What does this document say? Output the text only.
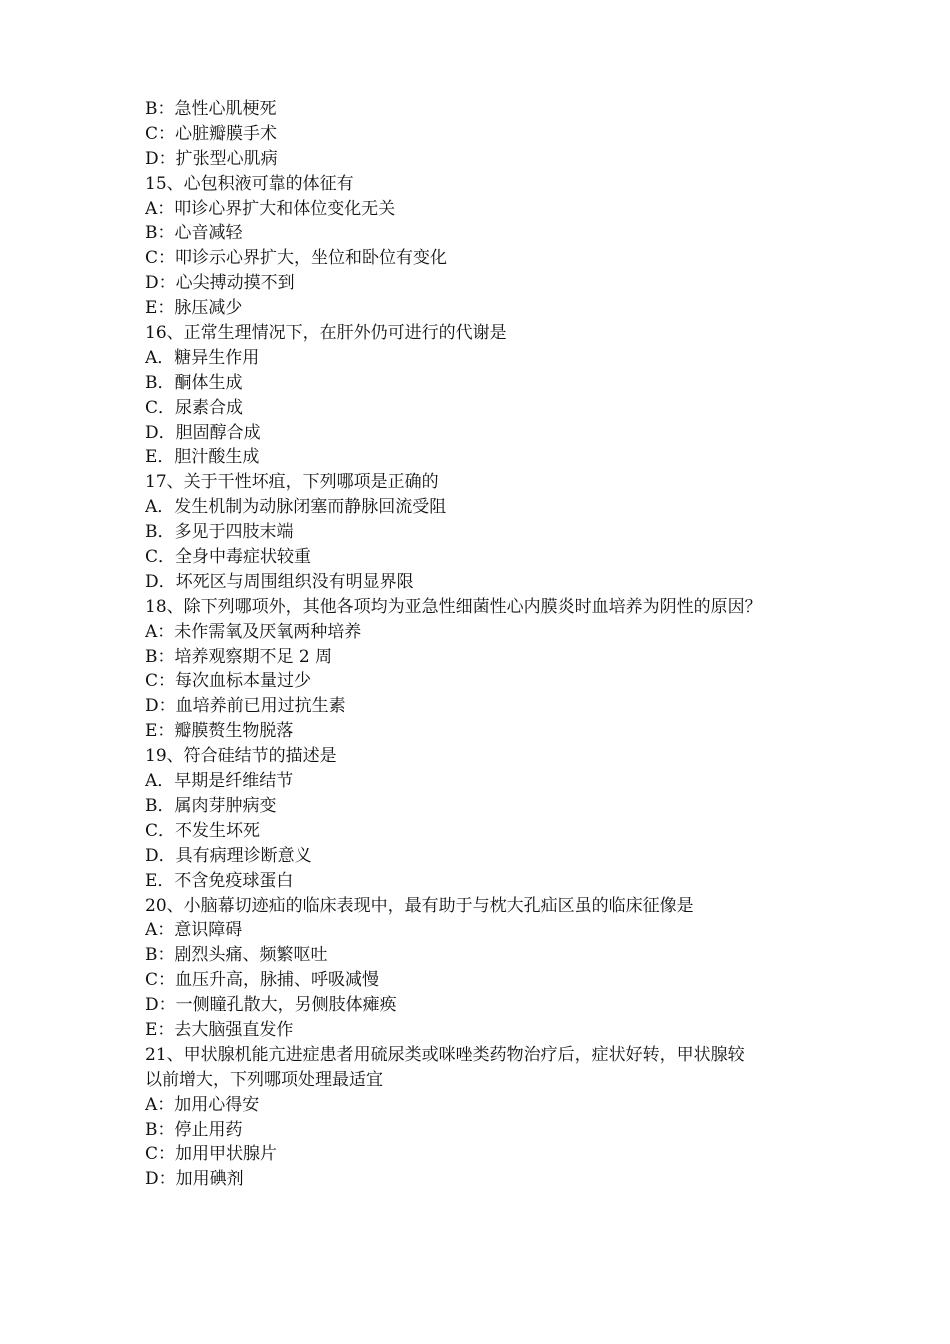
B：急性心肌梗死
C：心脏瓣膜手术
D：扩张型心肌病
15、心包积液可靠的体征有
A：叩诊心界扩大和体位变化无关
B：心音减轻
C：叩诊示心界扩大，坐位和卧位有变化
D：心尖搏动摸不到
E：脉压减少
16、正常生理情况下，在肝外仍可进行的代谢是
A．糖异生作用
B．酮体生成
C．尿素合成
D．胆固醇合成
E．胆汁酸生成
17、关于干性坏疽，下列哪项是正确的
A．发生机制为动脉闭塞而静脉回流受阻
B．多见于四肢末端
C．全身中毒症状较重
D．坏死区与周围组织没有明显界限
18、除下列哪项外，其他各项均为亚急性细菌性心内膜炎时血培养为阴性的原因？
A：未作需氧及厌氧两种培养
B：培养观察期不足 2 周
C：每次血标本量过少
D：血培养前已用过抗生素
E：瓣膜赘生物脱落
19、符合硅结节的描述是
A．早期是纤维结节
B．属肉芽肿病变
C．不发生坏死
D．具有病理诊断意义
E．不含免疫球蛋白
20、小脑幕切迹疝的临床表现中，最有助于与枕大孔疝区虽的临床征像是
A：意识障碍
B：剧烈头痛、频繁呕吐
C：血压升高，脉捕、呼吸减慢
D：一侧瞳孔散大，另侧肢体瘫痪
E：去大脑强直发作
21、甲状腺机能亢进症患者用硫尿类或咪唑类药物治疗后，症状好转，甲状腺较
以前增大，下列哪项处理最适宜
A：加用心得安
B：停止用药
C：加用甲状腺片
D：加用碘剂
